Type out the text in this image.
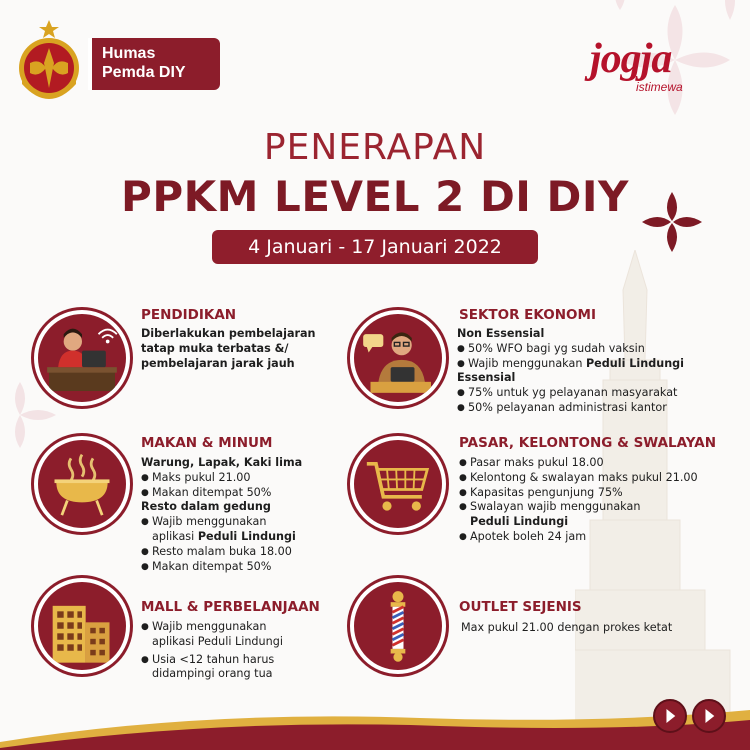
Humas
Pemda DIY	jogja
istimewa
PENERAPAN
PPKM LEVEL 2 DI DIY
4 Januari - 17 Januari 2022
PENDIDIKAN
Diberlakukan pembelajaran
tatap muka terbatas &/
pembelajaran jarak jauh
MAKAN & MINUM
Warung, Lapak, Kaki lima
● Maks pukul 21.00
● Makan ditempat 50%
Resto dalam gedung
● Wajib menggunakan
aplikasi Peduli Lindungi
● Resto malam buka 18.00
● Makan ditempat 50%
MALL & PERBELANJAAN
● Wajib menggunakan
aplikasi Peduli Lindungi
● Usia <12 tahun harus
didampingi orang tua
SEKTOR EKONOMI
Non Essensial
● 50% WFO bagi yg sudah vaksin
● Wajib menggunakan Peduli Lindungi
Essensial
● 75% untuk yg pelayanan masyarakat
● 50% pelayanan administrasi kantor
PASAR, KELONTONG & SWALAYAN
● Pasar maks pukul 18.00
● Kelontong & swalayan maks pukul 21.00
● Kapasitas pengunjung 75%
● Swalayan wajib menggunakan
Peduli Lindungi
● Apotek boleh 24 jam
OUTLET SEJENIS
Max pukul 21.00 dengan prokes ketat
